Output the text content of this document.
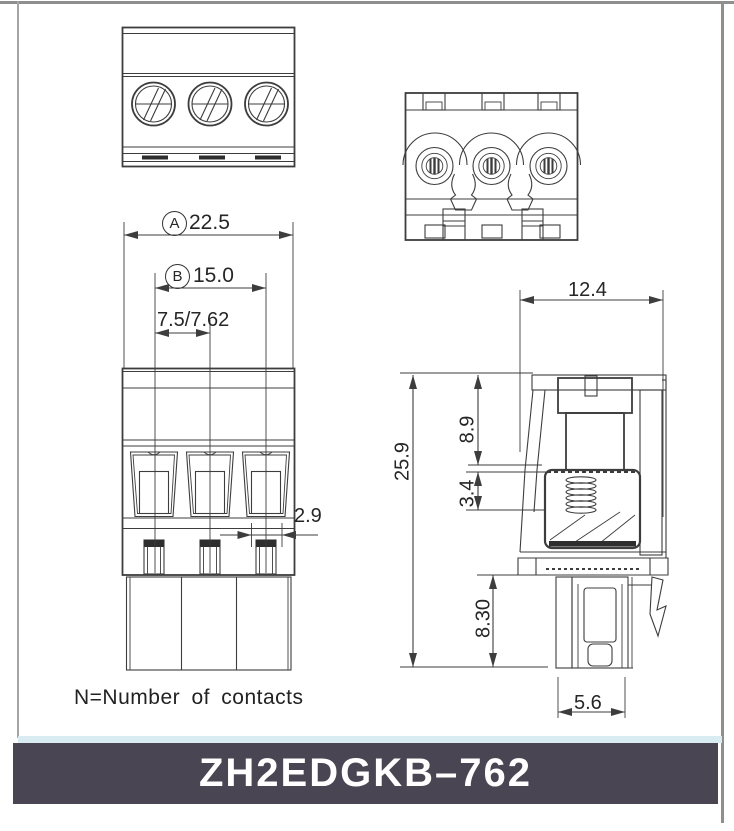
A 22.5
B 15.0
7.5/7.62
2.9
12.4
25.9
8.9
3.4
8.30
5.6
N=Number of contacts
ZH2EDGKB–762
